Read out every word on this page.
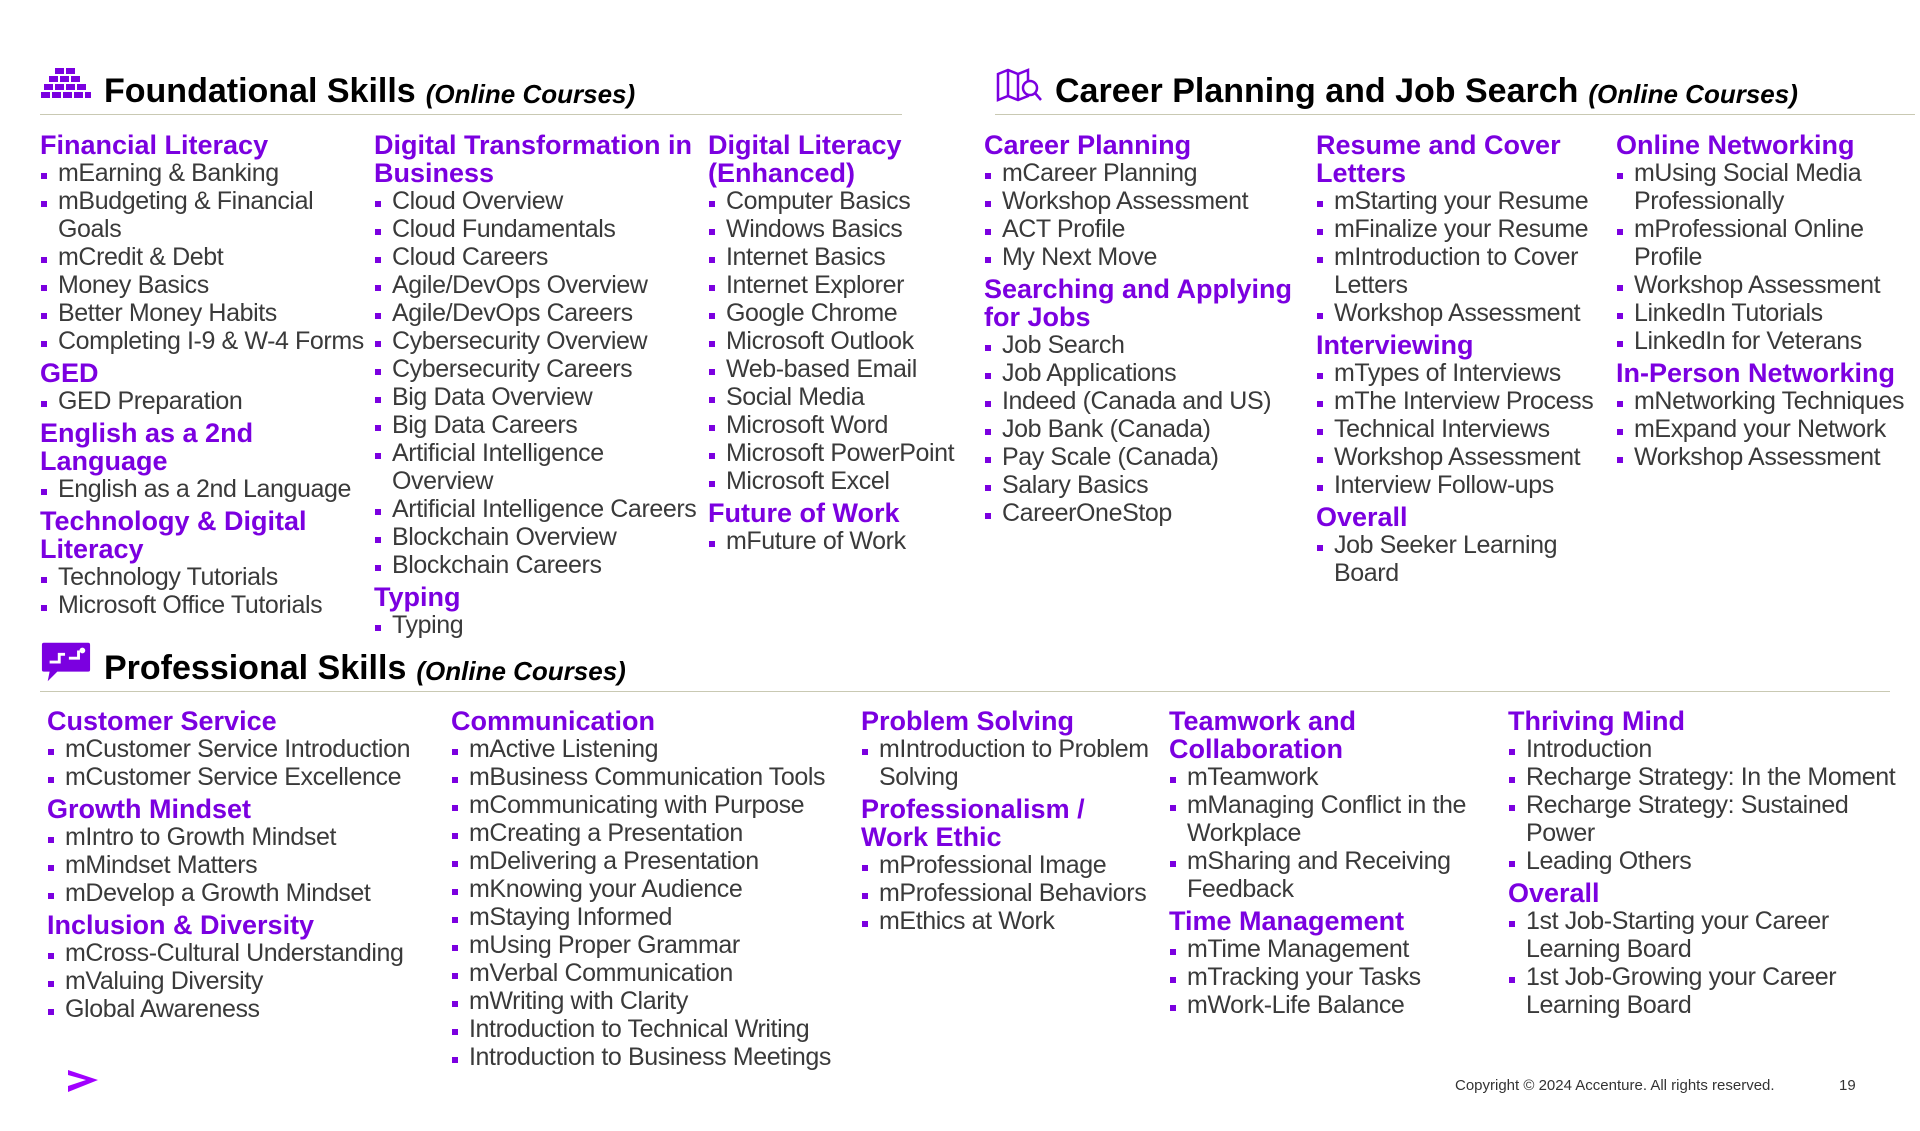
Foundational Skills (Online Courses)	Career Planning and Job Search (Online Courses)
Professional Skills (Online Courses)
Financial Literacy
mEarning & Banking
mBudgeting & Financial Goals
mCredit & Debt
Money Basics
Better Money Habits
Completing I-9 & W-4 Forms
GED
GED Preparation
English as a 2nd Language
English as a 2nd Language
Technology & Digital Literacy
Technology Tutorials
Microsoft Office Tutorials
Digital Transformation in Business
Cloud Overview
Cloud Fundamentals
Cloud Careers
Agile/DevOps Overview
Agile/DevOps Careers
Cybersecurity Overview
Cybersecurity Careers
Big Data Overview
Big Data Careers
Artificial Intelligence Overview
Artificial Intelligence Careers
Blockchain Overview
Blockchain Careers
Typing
Typing
Digital Literacy (Enhanced)
Computer Basics
Windows Basics
Internet Basics
Internet Explorer
Google Chrome
Microsoft Outlook
Web-based Email
Social Media
Microsoft Word
Microsoft PowerPoint
Microsoft Excel
Future of Work
mFuture of Work
Career Planning
mCareer Planning
Workshop Assessment
ACT Profile
My Next Move
Searching and Applying for Jobs
Job Search
Job Applications
Indeed (Canada and US)
Job Bank (Canada)
Pay Scale (Canada)
Salary Basics
CareerOneStop
Resume and Cover Letters
mStarting your Resume
mFinalize your Resume
mIntroduction to Cover Letters
Workshop Assessment
Interviewing
mTypes of Interviews
mThe Interview Process
Technical Interviews
Workshop Assessment
Interview Follow-ups
Overall
Job Seeker Learning Board
Online Networking
mUsing Social Media Professionally
mProfessional Online Profile
Workshop Assessment
LinkedIn Tutorials
LinkedIn for Veterans
In-Person Networking
mNetworking Techniques
mExpand your Network
Workshop Assessment
Customer Service
mCustomer Service Introduction
mCustomer Service Excellence
Growth Mindset
mIntro to Growth Mindset
mMindset Matters
mDevelop a Growth Mindset
Inclusion & Diversity
mCross-Cultural Understanding
mValuing Diversity
Global Awareness
Communication
mActive Listening
mBusiness Communication Tools
mCommunicating with Purpose
mCreating a Presentation
mDelivering a Presentation
mKnowing your Audience
mStaying Informed
mUsing Proper Grammar
mVerbal Communication
mWriting with Clarity
Introduction to Technical Writing
Introduction to Business Meetings
Problem Solving
mIntroduction to Problem Solving
Professionalism / Work Ethic
mProfessional Image
mProfessional Behaviors
mEthics at Work
Teamwork and Collaboration
mTeamwork
mManaging Conflict in the Workplace
mSharing and Receiving Feedback
Time Management
mTime Management
mTracking your Tasks
mWork-Life Balance
Thriving Mind
Introduction
Recharge Strategy: In the Moment
Recharge Strategy: Sustained Power
Leading Others
Overall
1st Job-Starting your Career Learning Board
1st Job-Growing your Career Learning Board
Copyright © 2024 Accenture. All rights reserved.	19
